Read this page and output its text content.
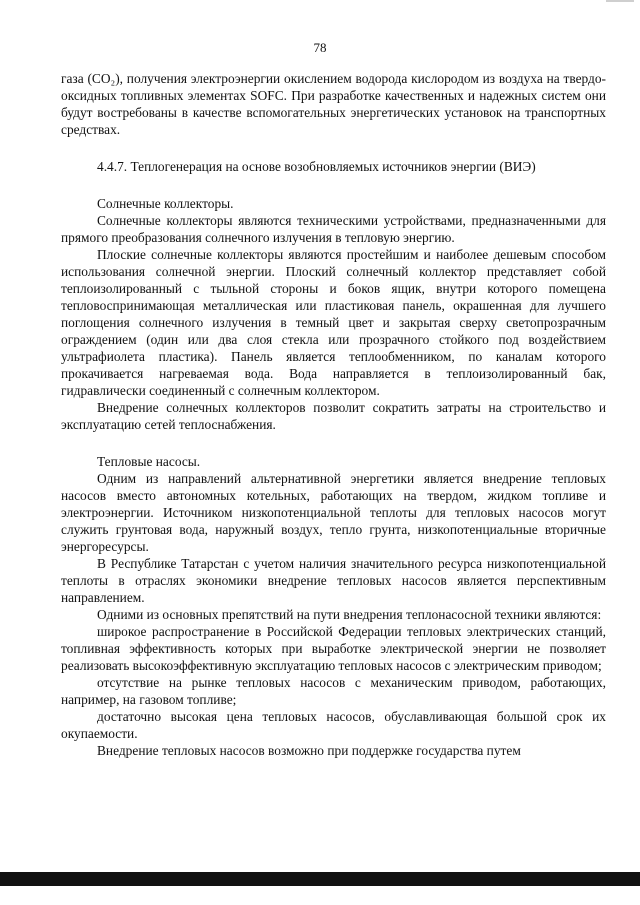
78

газа (CO₂), получения электроэнергии окислением водорода кислородом из воздуха на твердо-оксидных топливных элементах SOFC. При разработке качественных и надежных систем они будут востребованы в качестве вспомогательных энергетических установок на транспортных средствах.

4.4.7. Теплогенерация на основе возобновляемых источников энергии (ВИЭ)

Солнечные коллекторы.

Солнечные коллекторы являются техническими устройствами, предназначенными для прямого преобразования солнечного излучения в тепловую энергию.

Плоские солнечные коллекторы являются простейшим и наиболее дешевым способом использования солнечной энергии. Плоский солнечный коллектор представляет собой теплоизолированный с тыльной стороны и боков ящик, внутри которого помещена тепловоспринимающая металлическая или пластиковая панель, окрашенная для лучшего поглощения солнечного излучения в темный цвет и закрытая сверху светопрозрачным ограждением (один или два слоя стекла или прозрачного стойкого под воздействием ультрафиолета пластика). Панель является теплообменником, по каналам которого прокачивается нагреваемая вода. Вода направляется в теплоизолированный бак, гидравлически соединенный с солнечным коллектором.

Внедрение солнечных коллекторов позволит сократить затраты на строительство и эксплуатацию сетей теплоснабжения.

Тепловые насосы.

Одним из направлений альтернативной энергетики является внедрение тепловых насосов вместо автономных котельных, работающих на твердом, жидком топливе и электроэнергии. Источником низкопотенциальной теплоты для тепловых насосов могут служить грунтовая вода, наружный воздух, тепло грунта, низкопотенциальные вторичные энергоресурсы.

В Республике Татарстан с учетом наличия значительного ресурса низкопотенциальной теплоты в отраслях экономики внедрение тепловых насосов является перспективным направлением.

Одними из основных препятствий на пути внедрения теплонасосной техники являются:

широкое распространение в Российской Федерации тепловых электрических станций, топливная эффективность которых при выработке электрической энергии не позволяет реализовать высокоэффективную эксплуатацию тепловых насосов с электрическим приводом;

отсутствие на рынке тепловых насосов с механическим приводом, работающих, например, на газовом топливе;

достаточно высокая цена тепловых насосов, обуславливающая большой срок их окупаемости.

Внедрение тепловых насосов возможно при поддержке государства путем
